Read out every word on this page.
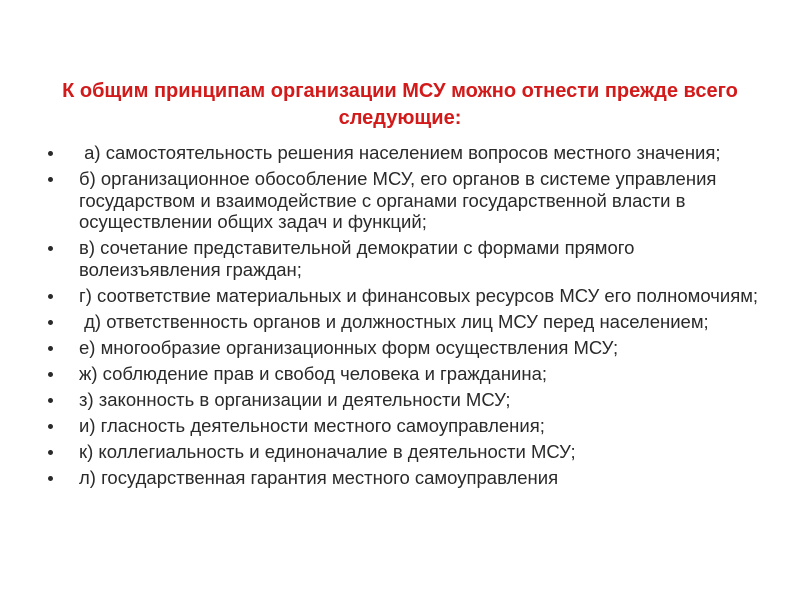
К общим принципам организации МСУ можно отнести прежде всего следующие:
а) самостоятельность решения населением вопросов местного значения;
б) организационное обособление МСУ, его органов в системе управления государством и взаимодействие с органами государственной власти в осуществлении общих задач и функций;
в) сочетание представительной демократии с формами прямого волеизъявления граждан;
г) соответствие материальных и финансовых ресурсов МСУ его полномочиям;
д) ответственность органов и должностных лиц МСУ перед населением;
е) многообразие организационных форм осуществления МСУ;
ж) соблюдение прав и свобод человека и гражданина;
з) законность в организации и деятельности МСУ;
и) гласность деятельности местного самоуправления;
к) коллегиальность и единоначалие в деятельности МСУ;
л) государственная гарантия местного самоуправления
